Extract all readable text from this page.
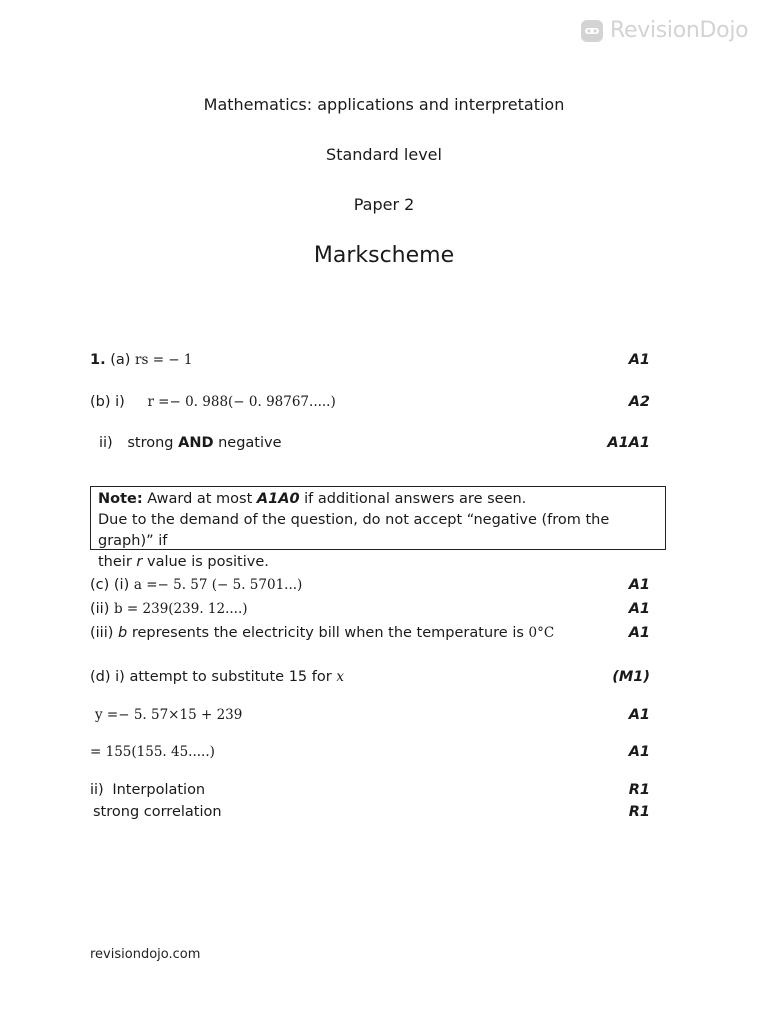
RevisionDojo
Mathematics: applications and interpretation
Standard level
Paper 2
Markscheme
1. (a) rs = − 1	A1
(b) i) r =− 0. 988(− 0. 98767.....)	A2
ii) strong AND negative	A1A1
Note: Award at most A1A0 if additional answers are seen.
Due to the demand of the question, do not accept “negative (from the graph)” if
their r value is positive.
(c) (i) a =− 5. 57 (− 5. 5701...)	A1
(ii) b = 239(239. 12....)	A1
(iii) b represents the electricity bill when the temperature is 0°C	A1
(d) i) attempt to substitute 15 for x	(M1)
y =− 5. 57×15 + 239	A1
= 155(155. 45.....)	A1
ii) Interpolation	R1
strong correlation	R1
revisiondojo.com
